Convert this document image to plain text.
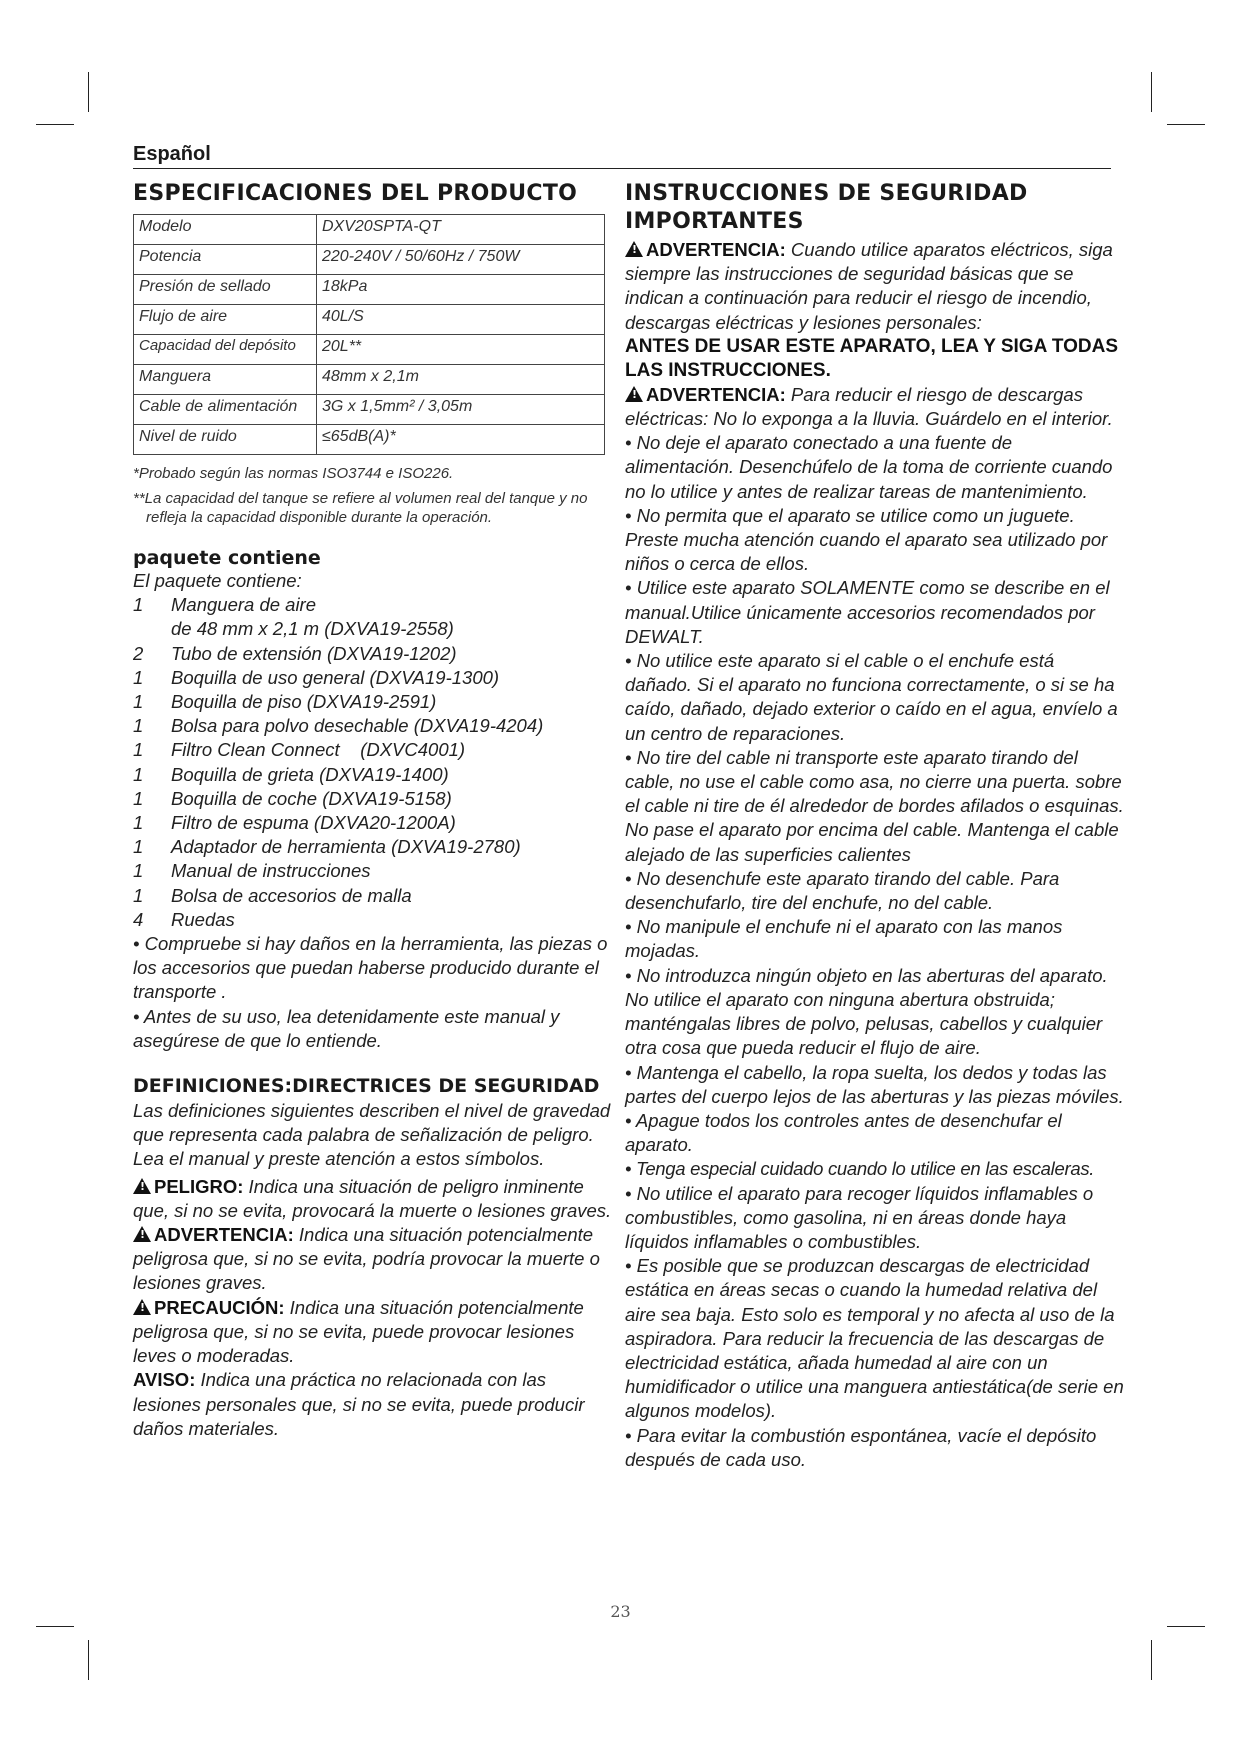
Español
ESPECIFICACIONES DEL PRODUCTO
Modelo	DXV20SPTA-QT
Potencia	220-240V / 50/60Hz / 750W
Presión de sellado	18kPa
Flujo de aire	40L/S
Capacidad del depósito	20L**
Manguera	48mm x 2,1m
Cable de alimentación	3G x 1,5mm² / 3,05m
Nivel de ruido	≤65dB(A)*
*Probado según las normas ISO3744 e ISO226.
**La capacidad del tanque se refiere al volumen real del tanque y no refleja la capacidad disponible durante la operación.
paquete contiene
El paquete contiene:
1	Manguera de aire
de 48 mm x 2,1 m (DXVA19-2558)
2	Tubo de extensión (DXVA19-1202)
1	Boquilla de uso general (DXVA19-1300)
1	Boquilla de piso (DXVA19-2591)
1	Bolsa para polvo desechable (DXVA19-4204)
1	Filtro Clean Connect    (DXVC4001)
1	Boquilla de grieta (DXVA19-1400)
1	Boquilla de coche (DXVA19-5158)
1	Filtro de espuma (DXVA20-1200A)
1	Adaptador de herramienta (DXVA19-2780)
1	Manual de instrucciones
1	Bolsa de accesorios de malla
4	Ruedas
• Compruebe si hay daños en la herramienta, las piezas o los accesorios que puedan haberse producido durante el transporte .
• Antes de su uso, lea detenidamente este manual y asegúrese de que lo entiende.
DEFINICIONES:DIRECTRICES DE SEGURIDAD
Las definiciones siguientes describen el nivel de gravedad que representa cada palabra de señalización de peligro. Lea el manual y preste atención a estos símbolos.
!PELIGRO: Indica una situación de peligro inminente que, si no se evita, provocará la muerte o lesiones graves.
!ADVERTENCIA: Indica una situación potencialmente peligrosa que, si no se evita, podría provocar la muerte o lesiones graves.
!PRECAUCIÓN: Indica una situación potencialmente peligrosa que, si no se evita, puede provocar lesiones leves o moderadas.
AVISO: Indica una práctica no relacionada con las lesiones personales que, si no se evita, puede producir daños materiales.
INSTRUCCIONES DE SEGURIDAD IMPORTANTES
!ADVERTENCIA: Cuando utilice aparatos eléctricos, siga siempre las instrucciones de seguridad básicas que se indican a continuación para reducir el riesgo de incendio, descargas eléctricas y lesiones personales:
ANTES DE USAR ESTE APARATO, LEA Y SIGA TODAS LAS INSTRUCCIONES.
!ADVERTENCIA: Para reducir el riesgo de descargas eléctricas: No lo exponga a la lluvia. Guárdelo en el interior.
• No deje el aparato conectado a una fuente de alimentación. Desenchúfelo de la toma de corriente cuando no lo utilice y antes de realizar tareas de mantenimiento.
• No permita que el aparato se utilice como un juguete. Preste mucha atención cuando el aparato sea utilizado por niños o cerca de ellos.
• Utilice este aparato SOLAMENTE como se describe en el manual.Utilice únicamente accesorios recomendados por DEWALT.
• No utilice este aparato si el cable o el enchufe está dañado. Si el aparato no funciona correctamente, o si se ha caído, dañado, dejado exterior o caído en el agua, envíelo a un centro de reparaciones.
• No tire del cable ni transporte este aparato tirando del cable, no use el cable como asa, no cierre una puerta. sobre el cable ni tire de él alrededor de bordes afilados o esquinas. No pase el aparato por encima del cable. Mantenga el cable alejado de las superficies calientes
• No desenchufe este aparato tirando del cable. Para desenchufarlo, tire del enchufe, no del cable.
• No manipule el enchufe ni el aparato con las manos mojadas.
• No introduzca ningún objeto en las aberturas del aparato. No utilice el aparato con ninguna abertura obstruida; manténgalas libres de polvo, pelusas, cabellos y cualquier otra cosa que pueda reducir el flujo de aire.
• Mantenga el cabello, la ropa suelta, los dedos y todas las partes del cuerpo lejos de las aberturas y las piezas móviles.
• Apague todos los controles antes de desenchufar el aparato.
• Tenga especial cuidado cuando lo utilice en las escaleras.
• No utilice el aparato para recoger líquidos inflamables o combustibles, como gasolina, ni en áreas donde haya líquidos inflamables o combustibles.
• Es posible que se produzcan descargas de electricidad estática en áreas secas o cuando la humedad relativa del aire sea baja. Esto solo es temporal y no afecta al uso de la aspiradora. Para reducir la frecuencia de las descargas de electricidad estática, añada humedad al aire con un humidificador o utilice una manguera antiestática(de serie en algunos modelos).
• Para evitar la combustión espontánea, vacíe el depósito después de cada uso.
23
